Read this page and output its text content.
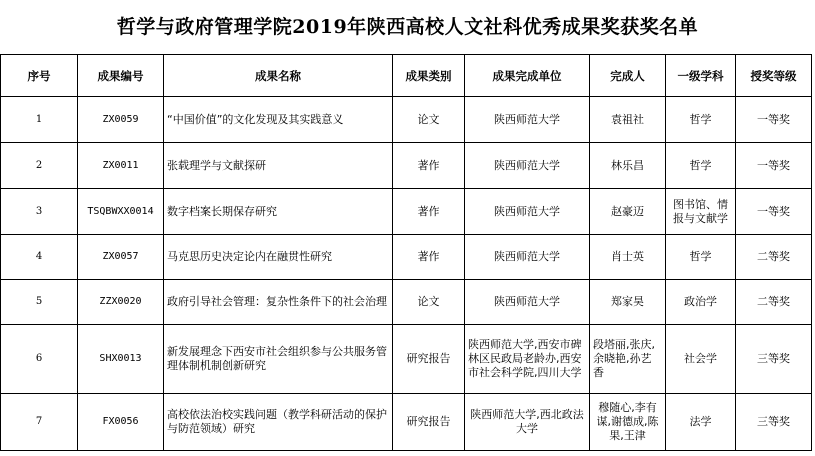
哲学与政府管理学院2019年陕西高校人文社科优秀成果奖获奖名单
序号	成果编号	成果名称	成果类别	成果完成单位	完成人	一级学科	授奖等级
1	ZX0059	“中国价值”的文化发现及其实践意义	论文	陕西师范大学	袁祖社	哲学	一等奖
2	ZX0011	张载理学与文献探研	著作	陕西师范大学	林乐昌	哲学	一等奖
3	TSQBWXX0014	数字档案长期保存研究	著作	陕西师范大学	赵豪迈	图书馆、情报与文献学	一等奖
4	ZX0057	马克思历史决定论内在融贯性研究	著作	陕西师范大学	肖士英	哲学	二等奖
5	ZZX0020	政府引导社会管理：复杂性条件下的社会治理	论文	陕西师范大学	郑家昊	政治学	二等奖
6	SHX0013	新发展理念下西安市社会组织参与公共服务管理体制机制创新研究	研究报告	陕西师范大学,西安市碑林区民政局老龄办,西安市社会科学院,四川大学	段塔丽,张庆,余晓艳,孙艺香	社会学	三等奖
7	FX0056	高校依法治校实践问题（教学科研活动的保护与防范领域）研究	研究报告	陕西师范大学,西北政法大学	穆随心,李有谋,谢德成,陈果,王津	法学	三等奖
